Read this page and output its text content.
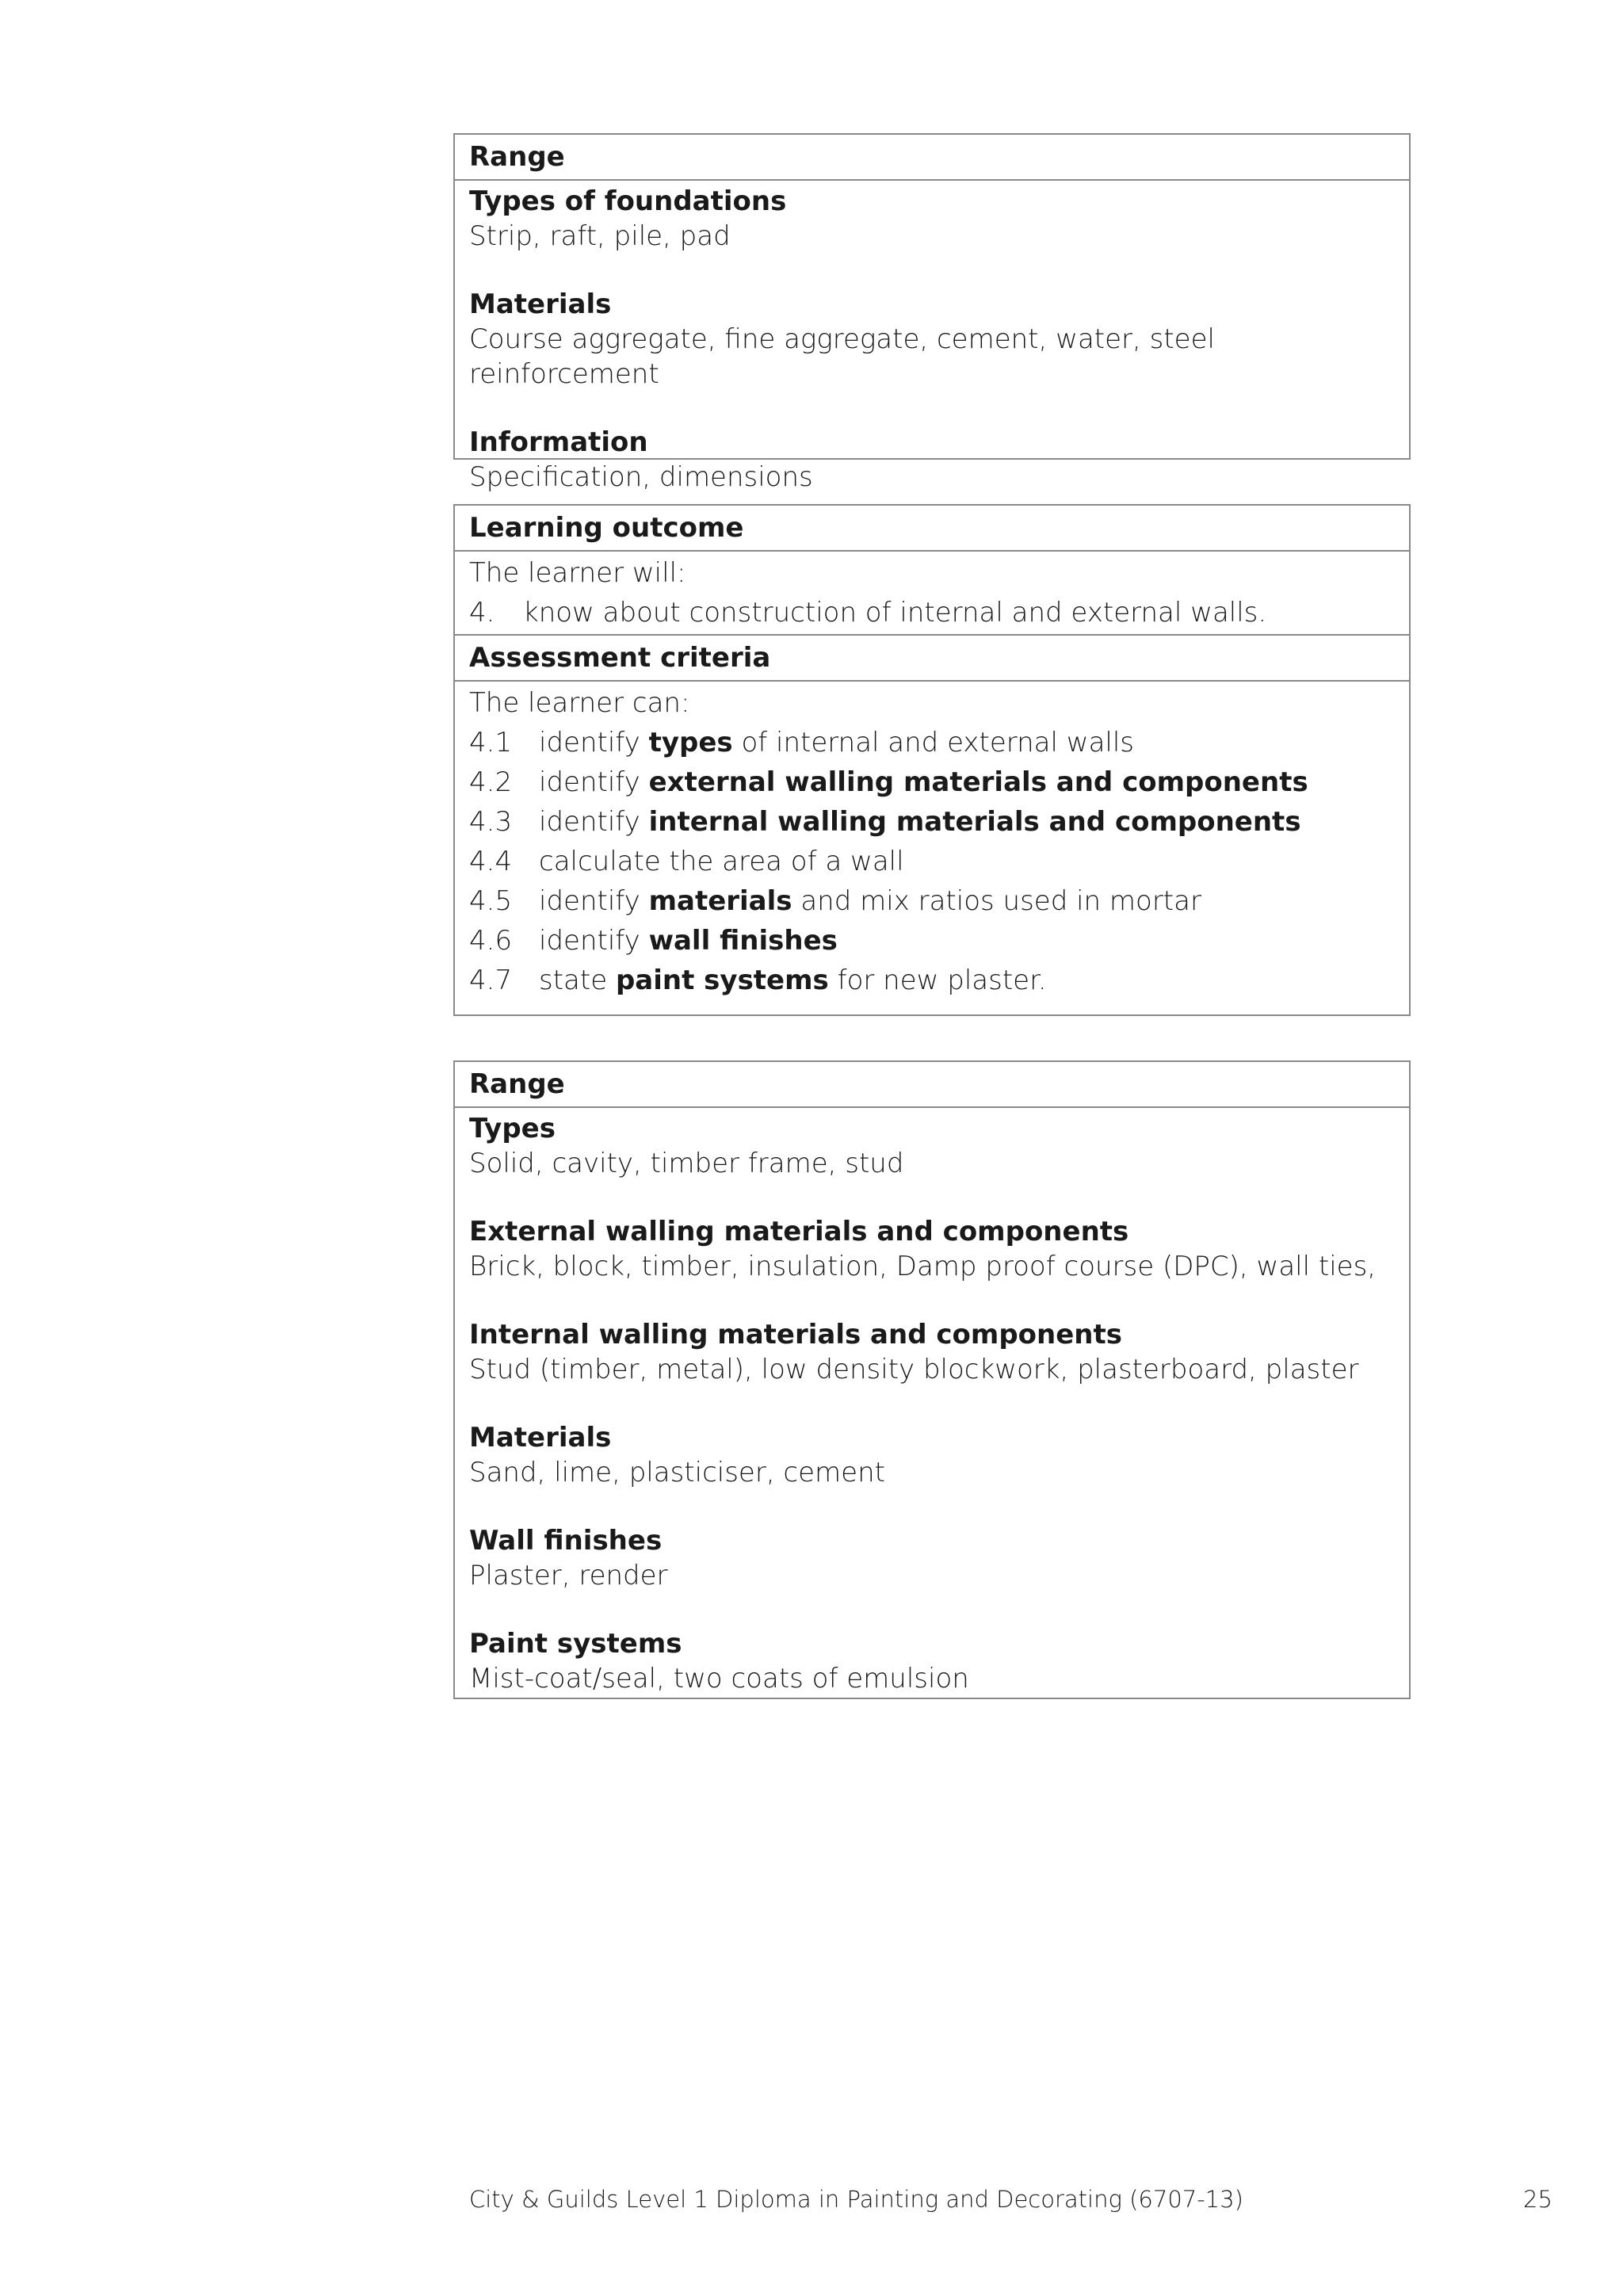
Range
Types of foundations
Strip, raft, pile, pad
Materials
Course aggregate, fine aggregate, cement, water, steel reinforcement
Information
Specification, dimensions
Learning outcome
The learner will:
4. know about construction of internal and external walls.
Assessment criteria
The learner can:
4.1 identify types of internal and external walls
4.2 identify external walling materials and components
4.3 identify internal walling materials and components
4.4 calculate the area of a wall
4.5 identify materials and mix ratios used in mortar
4.6 identify wall finishes
4.7 state paint systems for new plaster.
Range
Types
Solid, cavity, timber frame, stud
External walling materials and components
Brick, block, timber, insulation, Damp proof course (DPC), wall ties,
Internal walling materials and components
Stud (timber, metal), low density blockwork, plasterboard, plaster
Materials
Sand, lime, plasticiser, cement
Wall finishes
Plaster, render
Paint systems
Mist-coat/seal, two coats of emulsion
City & Guilds Level 1 Diploma in Painting and Decorating (6707-13)	25
